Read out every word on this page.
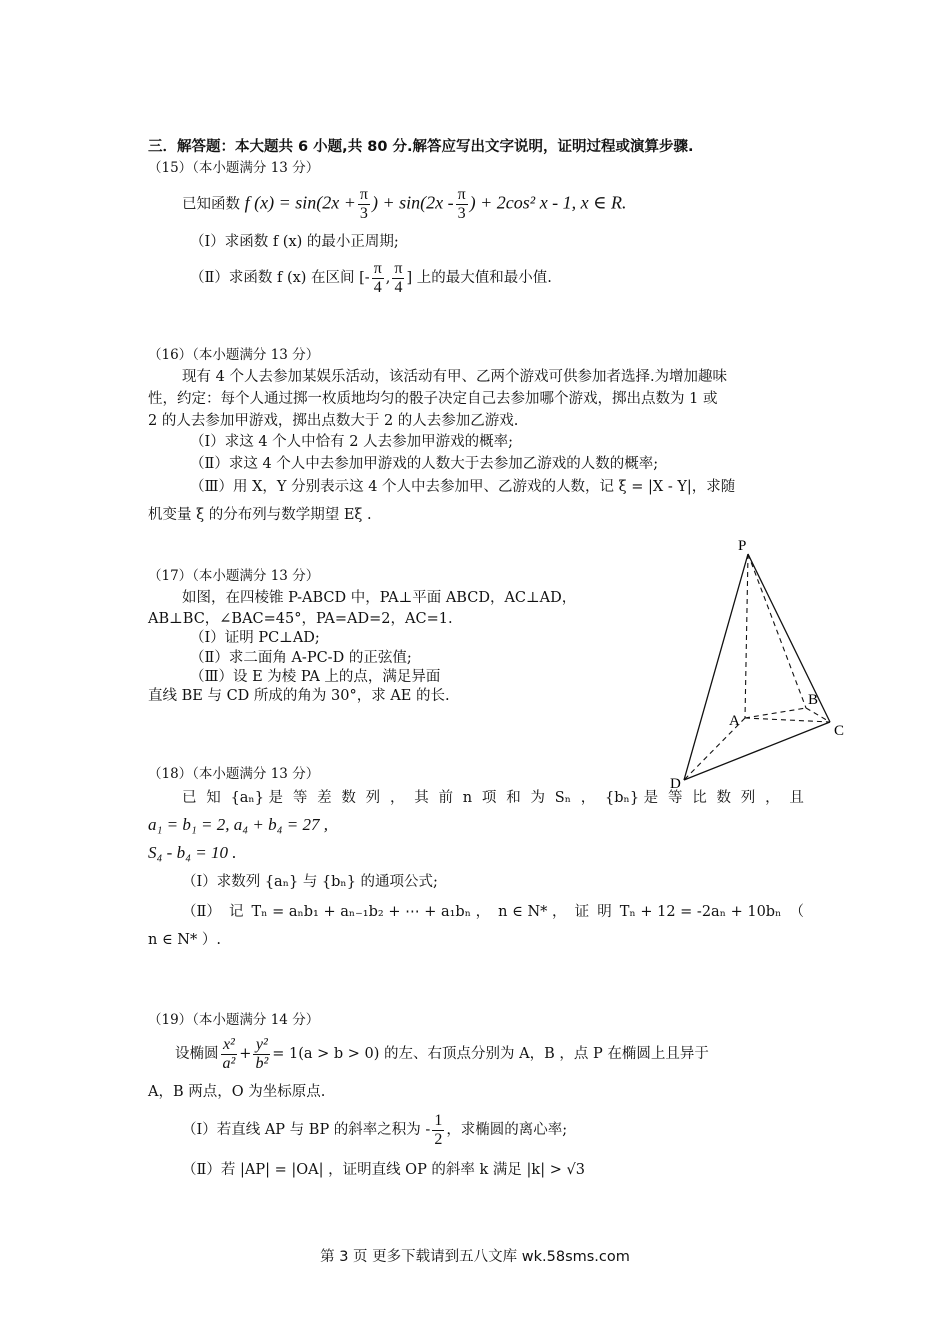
三．解答题：本大题共 6 小题,共 80 分.解答应写出文字说明，证明过程或演算步骤.
（15）（本小题满分 13 分）
已知函数 f $(x) = \sin(2x + \frac{\pi}{3}$ ) + $\sin(2x - \frac{\pi}{3}$ ) + 2cos² x - 1, x ∈ R.
（Ⅰ）求函数 f (x) 的最小正周期;
（Ⅱ）求函数 f (x) 在区间 [- $\frac{\pi}{4}$ , $\frac{\pi}{4}$ ] 上的最大值和最小值.
（16）（本小题满分 13 分）
现有 4 个人去参加某娱乐活动，该活动有甲、乙两个游戏可供参加者选择.为增加趣味
性，约定：每个人通过掷一枚质地均匀的骰子决定自己去参加哪个游戏，掷出点数为 1 或
2 的人去参加甲游戏，掷出点数大于 2 的人去参加乙游戏.
（Ⅰ）求这 4 个人中恰有 2 人去参加甲游戏的概率;
（Ⅱ）求这 4 个人中去参加甲游戏的人数大于去参加乙游戏的人数的概率;
（Ⅲ）用 X，Y 分别表示这 4 个人中去参加甲、乙游戏的人数，记 ξ = |X - Y|，求随
机变量 ξ 的分布列与数学期望 Eξ .
（17）（本小题满分 13 分）
如图，在四棱锥 P-ABCD 中，PA⊥平面 ABCD，AC⊥AD，
AB⊥BC，∠BAC=45°，PA=AD=2，AC=1.
（Ⅰ）证明 PC⊥AD;
（Ⅱ）求二面角 A-PC-D 的正弦值;
（Ⅲ）设 E 为棱 PA 上的点，满足异面
直线 BE 与 CD 所成的角为 30°，求 AE 的长.
P
A
B
C
D
（18）（本小题满分 13 分）
已 知 {aₙ} 是 等 差 数 列 ， 其 前 n 项 和 为 Sₙ ， {bₙ} 是 等 比 数 列 ， 且
a₁ = b₁ = 2, a₄ + b₄ = 27 ,
S₄ - b₄ = 10 .
（Ⅰ）求数列 {aₙ} 与 {bₙ} 的通项公式;
（Ⅱ） 记 Tₙ = aₙb₁ + aₙ₋₁b₂ + ⋯ + a₁bₙ ， n ∈ N* ， 证 明 Tₙ + 12 = -2aₙ + 10bₙ （
n ∈ N* ）.
（19）（本小题满分 14 分）
设椭圆 $\frac{\text{x²}}{\text{a²}} + \frac{\text{y²}}{\text{b²}} = 1(a > b > 0)$ 的左、右顶点分别为 A，B ，点 P 在椭圆上且异于
A，B 两点，O 为坐标原点.
（Ⅰ）若直线 AP 与 BP 的斜率之积为 - $\frac{1}{2}$ ，求椭圆的离心率;
（Ⅱ）若 |AP| = |OA| ，证明直线 OP 的斜率 k 满足 |k| > √3
第 3 页 更多下载请到五八文库 wk.58sms.com
